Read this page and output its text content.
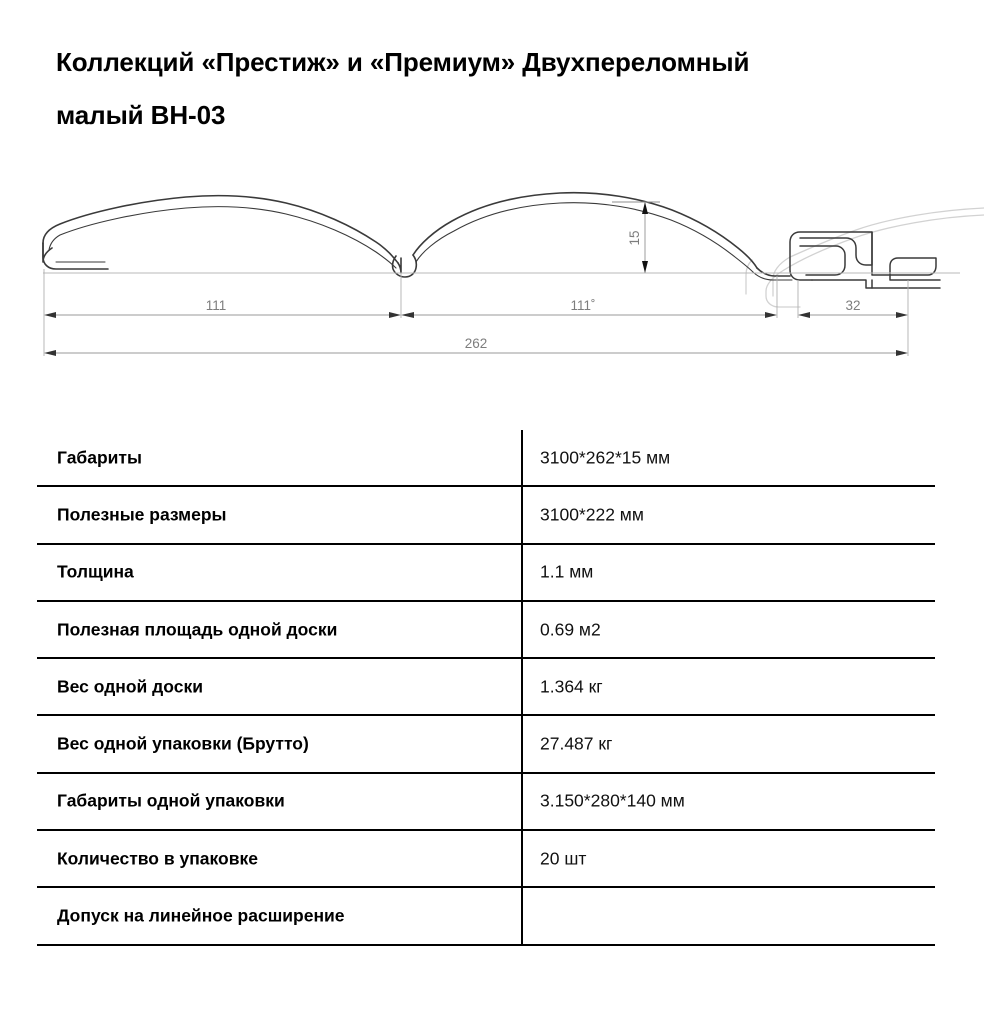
Коллекций «Престиж» и «Премиум» Двухпереломный
малый ВН-03
111	111˚	32
15
262
Габариты	3100*262*15 мм
Полезные размеры	3100*222 мм
Толщина	1.1 мм
Полезная площадь одной доски	0.69 м2
Вес одной доски	1.364 кг
Вес одной упаковки (Брутто)	27.487 кг
Габариты одной упаковки	3.150*280*140 мм
Количество в упаковке	20 шт
Допуск на линейное расширение
